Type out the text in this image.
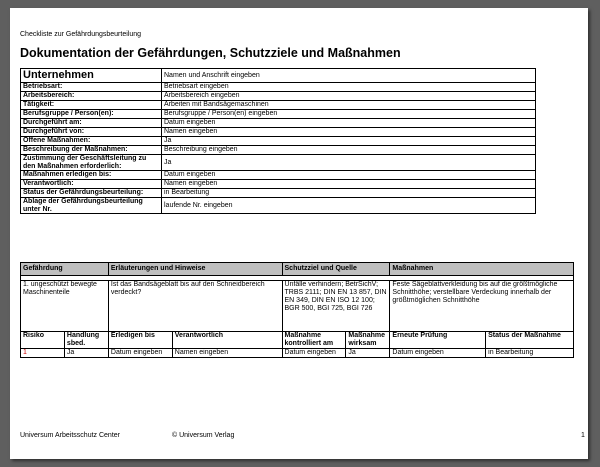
Checkliste zur Gefährdungsbeurteilung
Dokumentation der Gefährdungen, Schutzziele und Maßnahmen
Unternehmen	Namen und Anschrift eingeben
Betriebsart:	Betriebsart eingeben
Arbeitsbereich:	Arbeitsbereich eingeben
Tätigkeit:	Arbeiten mit Bandsägemaschinen
Berufsgruppe / Person(en):	Berufsgruppe / Person(en) eingeben
Durchgeführt am:	Datum eingeben
Durchgeführt von:	Namen eingeben
Offene Maßnahmen:	Ja
Beschreibung der Maßnahmen:	Beschreibung eingeben
Zustimmung der Geschäftsleitung zu den Maßnahmen erforderlich:	Ja
Maßnahmen erledigen bis:	Datum eingeben
Verantwortlich:	Namen eingeben
Status der Gefährdungsbeurteilung:	in Bearbeitung
Ablage der Gefährdungsbeurteilung unter Nr.	laufende Nr. eingeben
Gefährdung		Erläuterungen und Hinweise		Schutzziel und Quelle		Maßnahmen	

1. ungeschützt bewegte Maschinenteile		Ist das Bandsägeblatt bis auf den Schneidbereich verdeckt?		Unfälle verhindern; BetrSichV; TRBS 2111; DIN EN 13 857, DIN EN 349, DIN EN ISO 12 100; BGR 500, BGI 725, BGI 726		Feste Sägeblattverkleidung bis auf die größtmögliche Schnitthöhe; verstellbare Verdeckung innerhalb der größtmöglichen Schnitthöhe	
Risiko	Handlung sbed.	Erledigen bis	Verantwortlich	Maßnahme kontrolliert am	Maßnahme wirksam	Erneute Prüfung	Status der Maßnahme
1	Ja	Datum eingeben	Namen eingeben	Datum eingeben	Ja	Datum eingeben	in Bearbeitung
Universum Arbeitsschutz Center	© Universum Verlag	1
